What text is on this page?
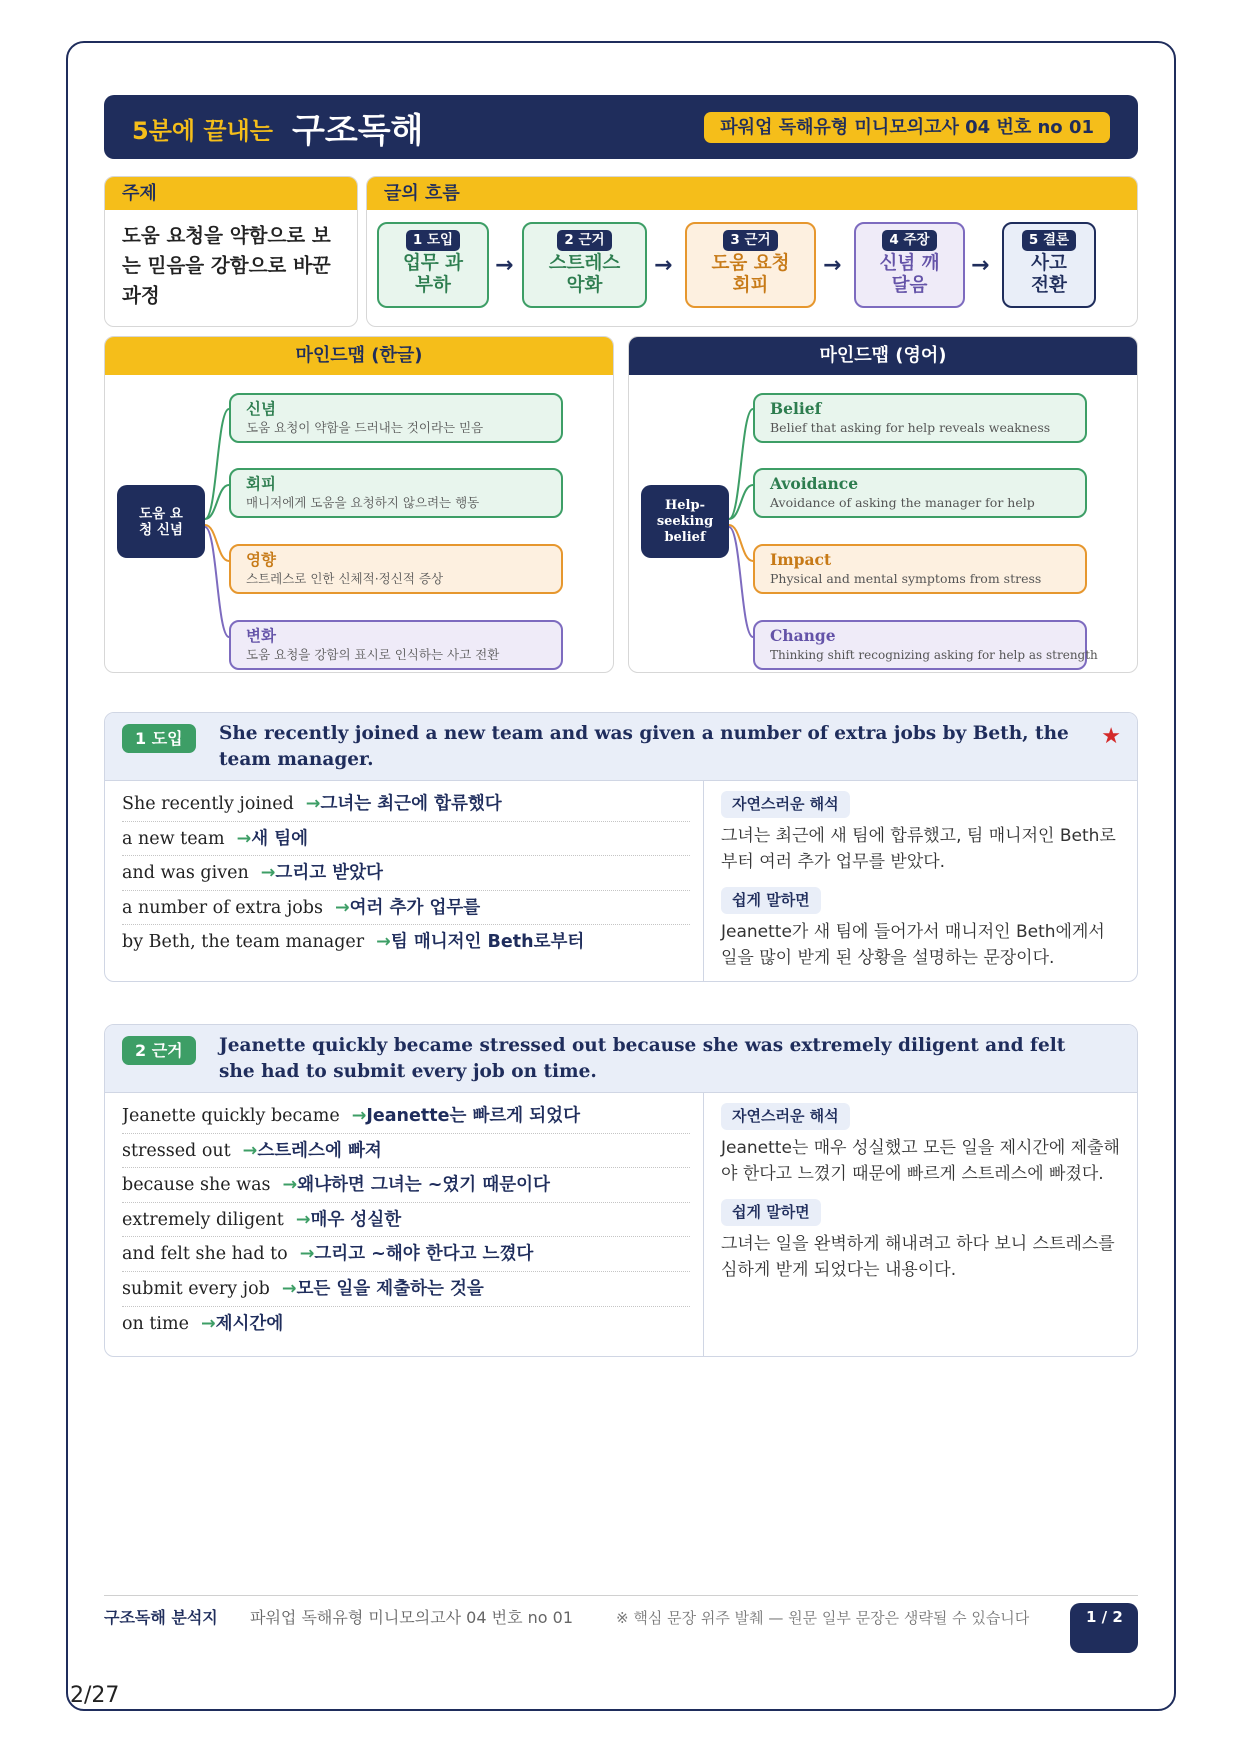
5분에 끝내는 구조독해	파워업 독해유형 미니모의고사 04 번호 no 01
주제
도움 요청을 약함으로 보는 믿음을 강함으로 바꾼 과정
글의 흐름
1 도입
업무 과부하
→
2 근거
스트레스 악화
→
3 근거
도움 요청 회피
→
4 주장
신념 깨달음
→
5 결론
사고 전환
마인드맵 (한글)
도움 요청 신념
신념
도움 요청이 약함을 드러내는 것이라는 믿음
회피
매니저에게 도움을 요청하지 않으려는 행동
영향
스트레스로 인한 신체적·정신적 증상
변화
도움 요청을 강함의 표시로 인식하는 사고 전환
마인드맵 (영어)
Help-seeking belief
Belief
Belief that asking for help reveals weakness
Avoidance
Avoidance of asking the manager for help
Impact
Physical and mental symptoms from stress
Change
Thinking shift recognizing asking for help as strength
1 도입	She recently joined a new team and was given a number of extra jobs by Beth, the team manager.
★
She recently joined →그녀는 최근에 합류했다
a new team →새 팀에
and was given →그리고 받았다
a number of extra jobs →여러 추가 업무를
by Beth, the team manager →팀 매니저인 Beth로부터
자연스러운 해석
그녀는 최근에 새 팀에 합류했고, 팀 매니저인 Beth로부터 여러 추가 업무를 받았다.
쉽게 말하면
Jeanette가 새 팀에 들어가서 매니저인 Beth에게서 일을 많이 받게 된 상황을 설명하는 문장이다.
2 근거	Jeanette quickly became stressed out because she was extremely diligent and felt she had to submit every job on time.
Jeanette quickly became →Jeanette는 빠르게 되었다
stressed out →스트레스에 빠져
because she was →왜냐하면 그녀는 ~였기 때문이다
extremely diligent →매우 성실한
and felt she had to →그리고 ~해야 한다고 느꼈다
submit every job →모든 일을 제출하는 것을
on time →제시간에
자연스러운 해석
Jeanette는 매우 성실했고 모든 일을 제시간에 제출해야 한다고 느꼈기 때문에 빠르게 스트레스에 빠졌다.
쉽게 말하면
그녀는 일을 완벽하게 해내려고 하다 보니 스트레스를 심하게 받게 되었다는 내용이다.
구조독해 분석지	파워업 독해유형 미니모의고사 04 번호 no 01	※ 핵심 문장 위주 발췌 — 원문 일부 문장은 생략될 수 있습니다	1 / 2
2/27
